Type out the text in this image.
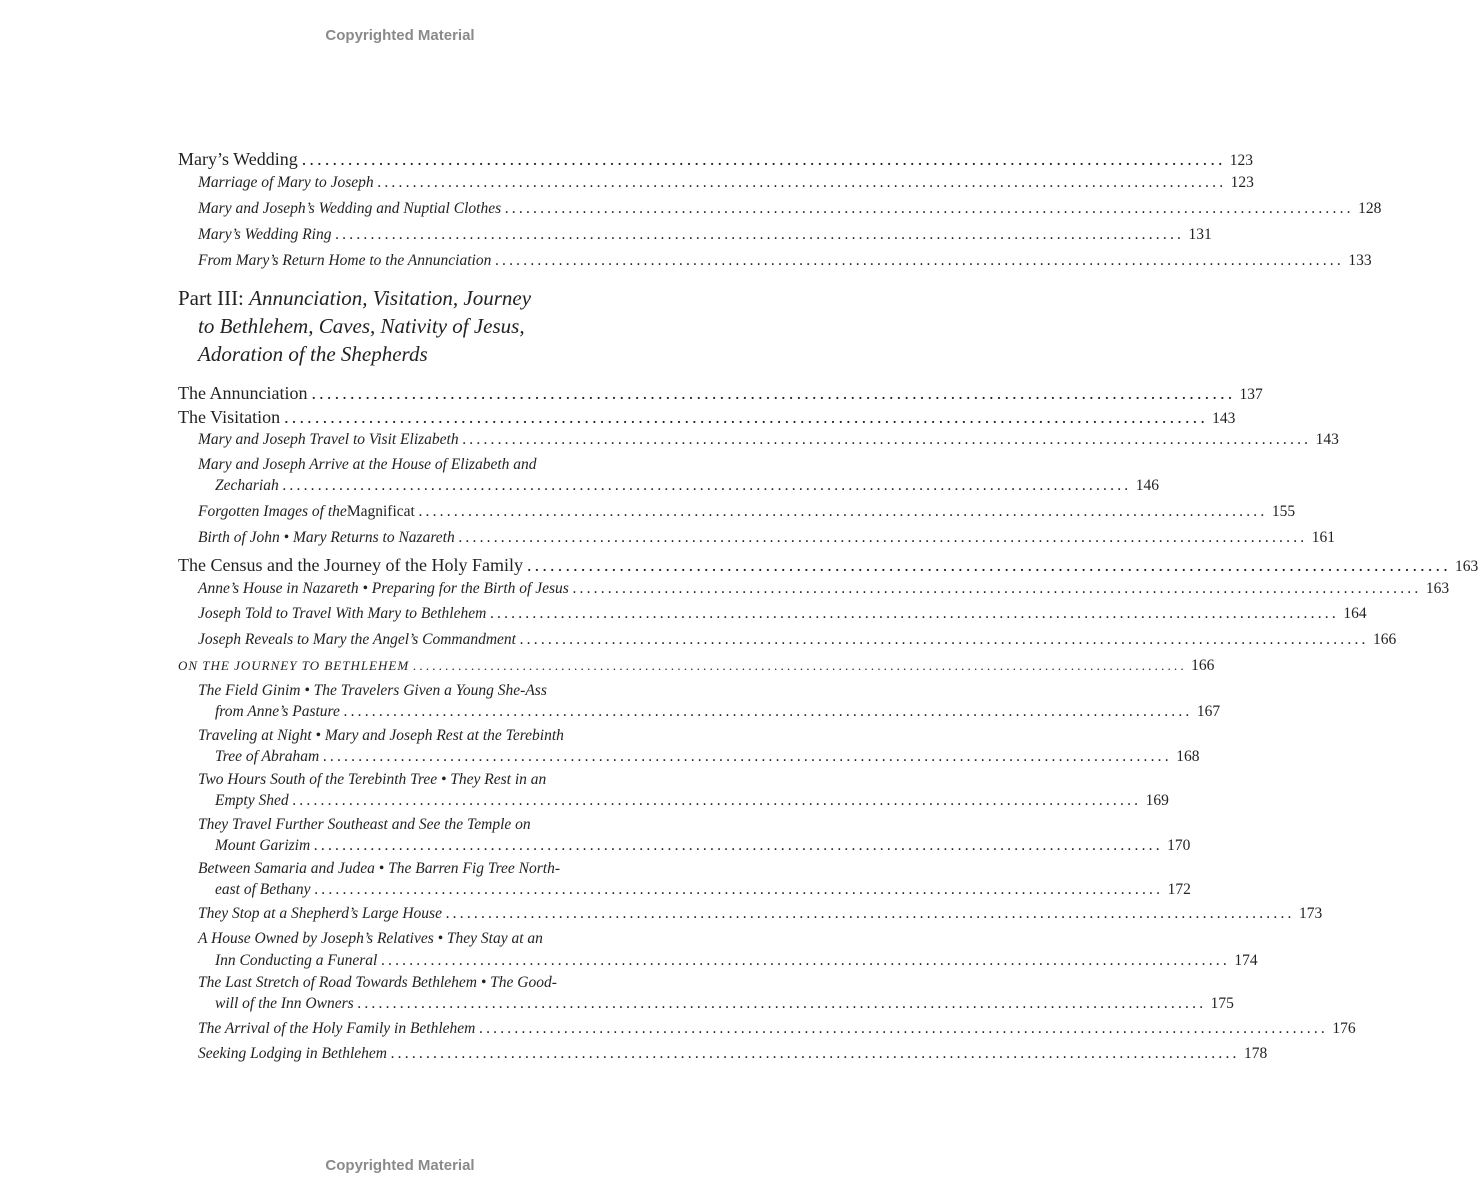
Copyrighted Material
Copyrighted Material
Part III: Annunciation, Visitation, Journey
to Bethlehem, Caves, Nativity of Jesus,
Adoration of the Shepherds
Mary’s Wedding ........................................................................................................................ 123
Marriage of Mary to Joseph ........................................................................................................................ 123
Mary and Joseph’s Wedding and Nuptial Clothes ........................................................................................................................ 128
Mary’s Wedding Ring ........................................................................................................................ 131
From Mary’s Return Home to the Annunciation ........................................................................................................................ 133
The Annunciation ........................................................................................................................ 137
The Visitation ........................................................................................................................ 143
Mary and Joseph Travel to Visit Elizabeth ........................................................................................................................ 143
Mary and Joseph Arrive at the House of Elizabeth and
Zechariah ........................................................................................................................ 146
Forgotten Images of the Magnificat ........................................................................................................................ 155
Birth of John • Mary Returns to Nazareth ........................................................................................................................ 161
The Census and the Journey of the Holy Family ........................................................................................................................ 163
Anne’s House in Nazareth • Preparing for the Birth of Jesus ........................................................................................................................ 163
Joseph Told to Travel With Mary to Bethlehem ........................................................................................................................ 164
Joseph Reveals to Mary the Angel’s Commandment ........................................................................................................................ 166
ON THE JOURNEY TO BETHLEHEM ........................................................................................................................ 166
The Field Ginim • The Travelers Given a Young She-Ass
from Anne’s Pasture ........................................................................................................................ 167
Traveling at Night • Mary and Joseph Rest at the Terebinth
Tree of Abraham ........................................................................................................................ 168
Two Hours South of the Terebinth Tree • They Rest in an
Empty Shed ........................................................................................................................ 169
They Travel Further Southeast and See the Temple on
Mount Garizim ........................................................................................................................ 170
Between Samaria and Judea • The Barren Fig Tree North-
east of Bethany ........................................................................................................................ 172
They Stop at a Shepherd’s Large House ........................................................................................................................ 173
A House Owned by Joseph’s Relatives • They Stay at an
Inn Conducting a Funeral ........................................................................................................................ 174
The Last Stretch of Road Towards Bethlehem • The Good-
will of the Inn Owners ........................................................................................................................ 175
The Arrival of the Holy Family in Bethlehem ........................................................................................................................ 176
Seeking Lodging in Bethlehem ........................................................................................................................ 178
